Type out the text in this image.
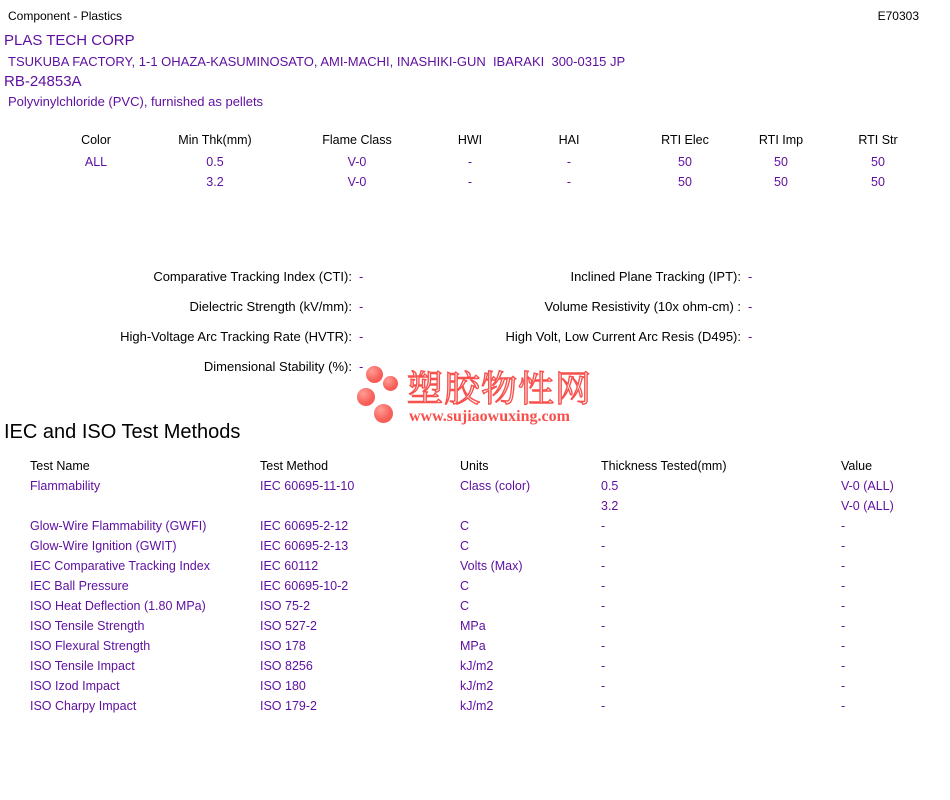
Component - Plastics	E70303
PLAS TECH CORP
TSUKUBA FACTORY, 1-1 OHAZA-KASUMINOSATO, AMI-MACHI, INASHIKI-GUN  IBARAKI  300-0315 JP
RB-24853A
Polyvinylchloride (PVC), furnished as pellets
Color
ALL
Min Thk(mm)
0.5
3.2
Flame Class
V-0
V-0
HWI
-
-
HAI
-
-
RTI Elec
50
50
RTI Imp
50
50
RTI Str
50
50
Comparative Tracking Index (CTI): -
Dielectric Strength (kV/mm): -
High-Voltage Arc Tracking Rate (HVTR): -
Dimensional Stability (%): -
Inclined Plane Tracking (IPT): -
Volume Resistivity (10x ohm-cm) : -
High Volt, Low Current Arc Resis (D495): -
塑胶物性网
www.sujiaowuxing.com
IEC and ISO Test Methods
Test Name
Flammability
Glow-Wire Flammability (GWFI)
Glow-Wire Ignition (GWIT)
IEC Comparative Tracking Index
IEC Ball Pressure
ISO Heat Deflection (1.80 MPa)
ISO Tensile Strength
ISO Flexural Strength
ISO Tensile Impact
ISO Izod Impact
ISO Charpy Impact
Test Method
IEC 60695-11-10
IEC 60695-2-12
IEC 60695-2-13
IEC 60112
IEC 60695-10-2
ISO 75-2
ISO 527-2
ISO 178
ISO 8256
ISO 180
ISO 179-2
Units
Class (color)
C
C
Volts (Max)
C
C
MPa
MPa
kJ/m2
kJ/m2
kJ/m2
Thickness Tested(mm)
0.5
3.2
-
-
-
-
-
-
-
-
-
-
Value
V-0 (ALL)
V-0 (ALL)
-
-
-
-
-
-
-
-
-
-
